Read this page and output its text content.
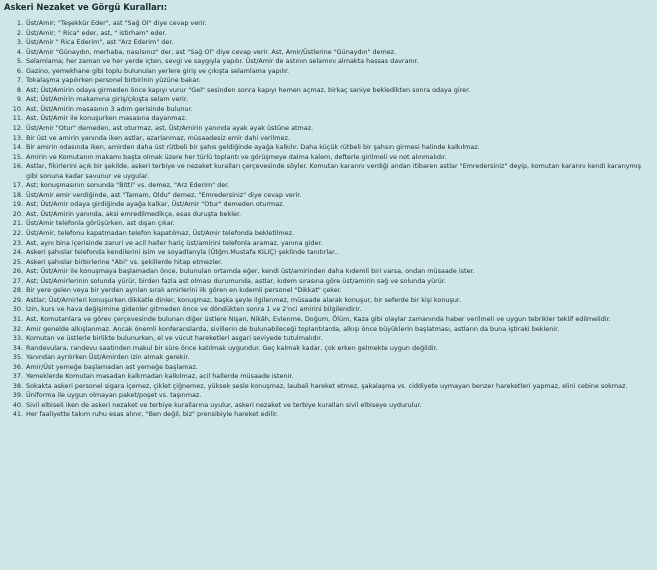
Askeri Nezaket ve Görgü Kuralları:
1. Üst/Amir; "Teşekkür Eder", ast "Sağ Ol" diye cevap verir.
2. Üst/Amir; " Rica" eder, ast, " istirham" eder.
3. Üst/Amir " Rica Ederim", ast "Arz Ederim" der.
4. Üst/Amir "Günaydın, merhaba, nasılsınız" der, ast "Sağ Ol" diye cevap verir. Ast, Amir/Üstlerine "Günaydın" demez.
5. Selamlama; her zaman ve her yerde içten, sevgi ve saygıyla yapılır. Üst/Amir de astının selamını almakta hassas davranır.
6. Gazino, yemekhane gibi toplu bulunulan yerlere giriş ve çıkışta selamlama yapılır.
7. Tokalaşma yapılırken personel birbirinin yüzüne bakar.
8. Ast; Üst/Amirin odaya girmeden önce kapıyı vurur "Gel" sesinden sonra kapıyı hemen açmaz, birkaç saniye bekledikten sonra odaya girer.
9. Ast; Üst/Amirin makamına giriş/çıkışta selam verir.
10. Ast, Üst/Amirin masasının 3 adım gerisinde bulunur.
11. Ast, Üst/Amir ile konuşurken masasına dayanmaz.
12. Üst/Amir "Otur" demeden, ast oturmaz, ast, Üst/Amirin yanında ayak ayak üstüne atmaz.
13. Bir üst ve amirin yanında iken astlar, azarlanmaz, müsaadesiz emir dahi verilmez.
14. Bir amirin odasında iken, amirden daha üst rütbeli bir şahıs geldiğinde ayağa kalkılır. Daha küçük rütbeli bir şahsın girmesi halinde kalkılmaz.
15. Amirin ve Komutanın makamı başta olmak üzere her türlü toplantı ve görüşmeye dalma kalem, defterle girilmeli ve not alınmalıdır.
16. Astlar, fikirlerini açık bir şekilde, askeri terbiye ve nezaket kuralları çerçevesinde söyler. Komutan kararını verdiği andan itibaren astlar "Emredersiniz" deyip, komutan kararını kendi kararıymış gibi sonuna kadar savunur ve uygular.
17. Ast; konuşmasının sonunda "Bitti" vs. demez, "Arz Ederim" der.
18. Üst/Amir emir verdiğinde, ast "Tamam, Oldu" demez, "Emredersiniz" diye cevap verir.
19. Ast; Üst/Amir odaya girdiğinde ayağa kalkar, Üst/Amir "Otur" demeden oturmaz.
20. Ast, Üst/Amirin yanında, aksi emredilmedikçe, esas duruşta bekler.
21. Üst/Amir telefonla görüşürken, ast dışarı çıkar.
22. Üst/Amir, telefonu kapatmadan telefon kapatılmaz, Üst/Amir telefonda bekletilmez.
23. Ast, aynı bina içerisinde zaruri ve acil haller hariç üst/amirini telefonla aramaz, yanına gider.
24. Askeri şahıslar telefonda kendilerini isim ve soyadlarıyla (Ütğm.Mustafa KILIÇ) şeklinde tanıtırlar..
25. Askeri şahıslar birbirlerine "Abi" vs. şekillerde hitap etmezler.
26. Ast; Üst/Amir ile konuşmaya başlamadan önce, bulunulan ortamda eğer, kendi üst/amirinden daha kıdemli biri varsa, ondan müsaade ister.
27. Ast; Üst/Amirlerinin solunda yürür, birden fazla ast olması durumunda, astlar, kıdem sırasına göre üst/amirin sağ ve solunda yürür.
28. Bir yere gelen veya bir yerden ayrılan sıralı amirlerini ilk gören en kıdemli personel "Dikkat" çeker.
29. Astlar; Üst/Amirleri konuşurken dikkatle dinler, konuşmaz, başka şeyle ilgilenmez, müsaade alarak konuşur, bir seferde bir kişi konuşur.
30. İzin, kurs ve hava değişimine gidenler gitmeden önce ve döndükten sonra 1 ve 2'nci amirini bilgilendirir.
31. Ast, Komutanlara ve görev çerçevesinde bulunan diğer üstlere Nişan, Nikâh, Evlenme, Doğum, Ölüm, Kaza gibi olaylar zamanında haber verilmeli ve uygun tebrikler teklif edilmelidir.
32. Amir genelde alkışlanmaz. Ancak önemli konferanslarda, sivillerin de bulunabileceği toplantılarda, alkışı önce büyüklerin başlatması, astların da buna iştiraki beklenir.
33. Komutan ve üstlerle birlikte bulunurken, el ve vücut hareketleri asgari seviyede tutulmalıdır.
34. Randevulara, randevu saatinden makul bir süre önce katılmak uygundur. Geç kalmak kadar, çok erken gelmekte uygun değildir.
35. Yanından ayrılırken Üst/Amirden izin almak gerekir.
36. Amir/Üst yemeğe başlamadan ast yemeğe başlamaz.
37. Yemeklerde Komutan masadan kalkmadan kalkılmaz, acil hallerde müsaade istenir.
38. Sokakta askeri personel sigara içemez, çiklet çiğnemez, yüksek sesle konuşmaz, laubali hareket etmez, şakalaşma vs. ciddiyete uymayan benzer hareketleri yapmaz, elini cebine sokmaz.
39. Üniforma ile uygun olmayan paket/poşet vs. taşınmaz.
40. Sivil elbiseli iken de askeri nezaket ve terbiye kurallarına uyulur, askeri nezaket ve terbiye kuralları sivil elbiseye uydurulur.
41. Her faaliyette takım ruhu esas alınır, "Ben değil, biz" prensibiyle hareket edilir.
